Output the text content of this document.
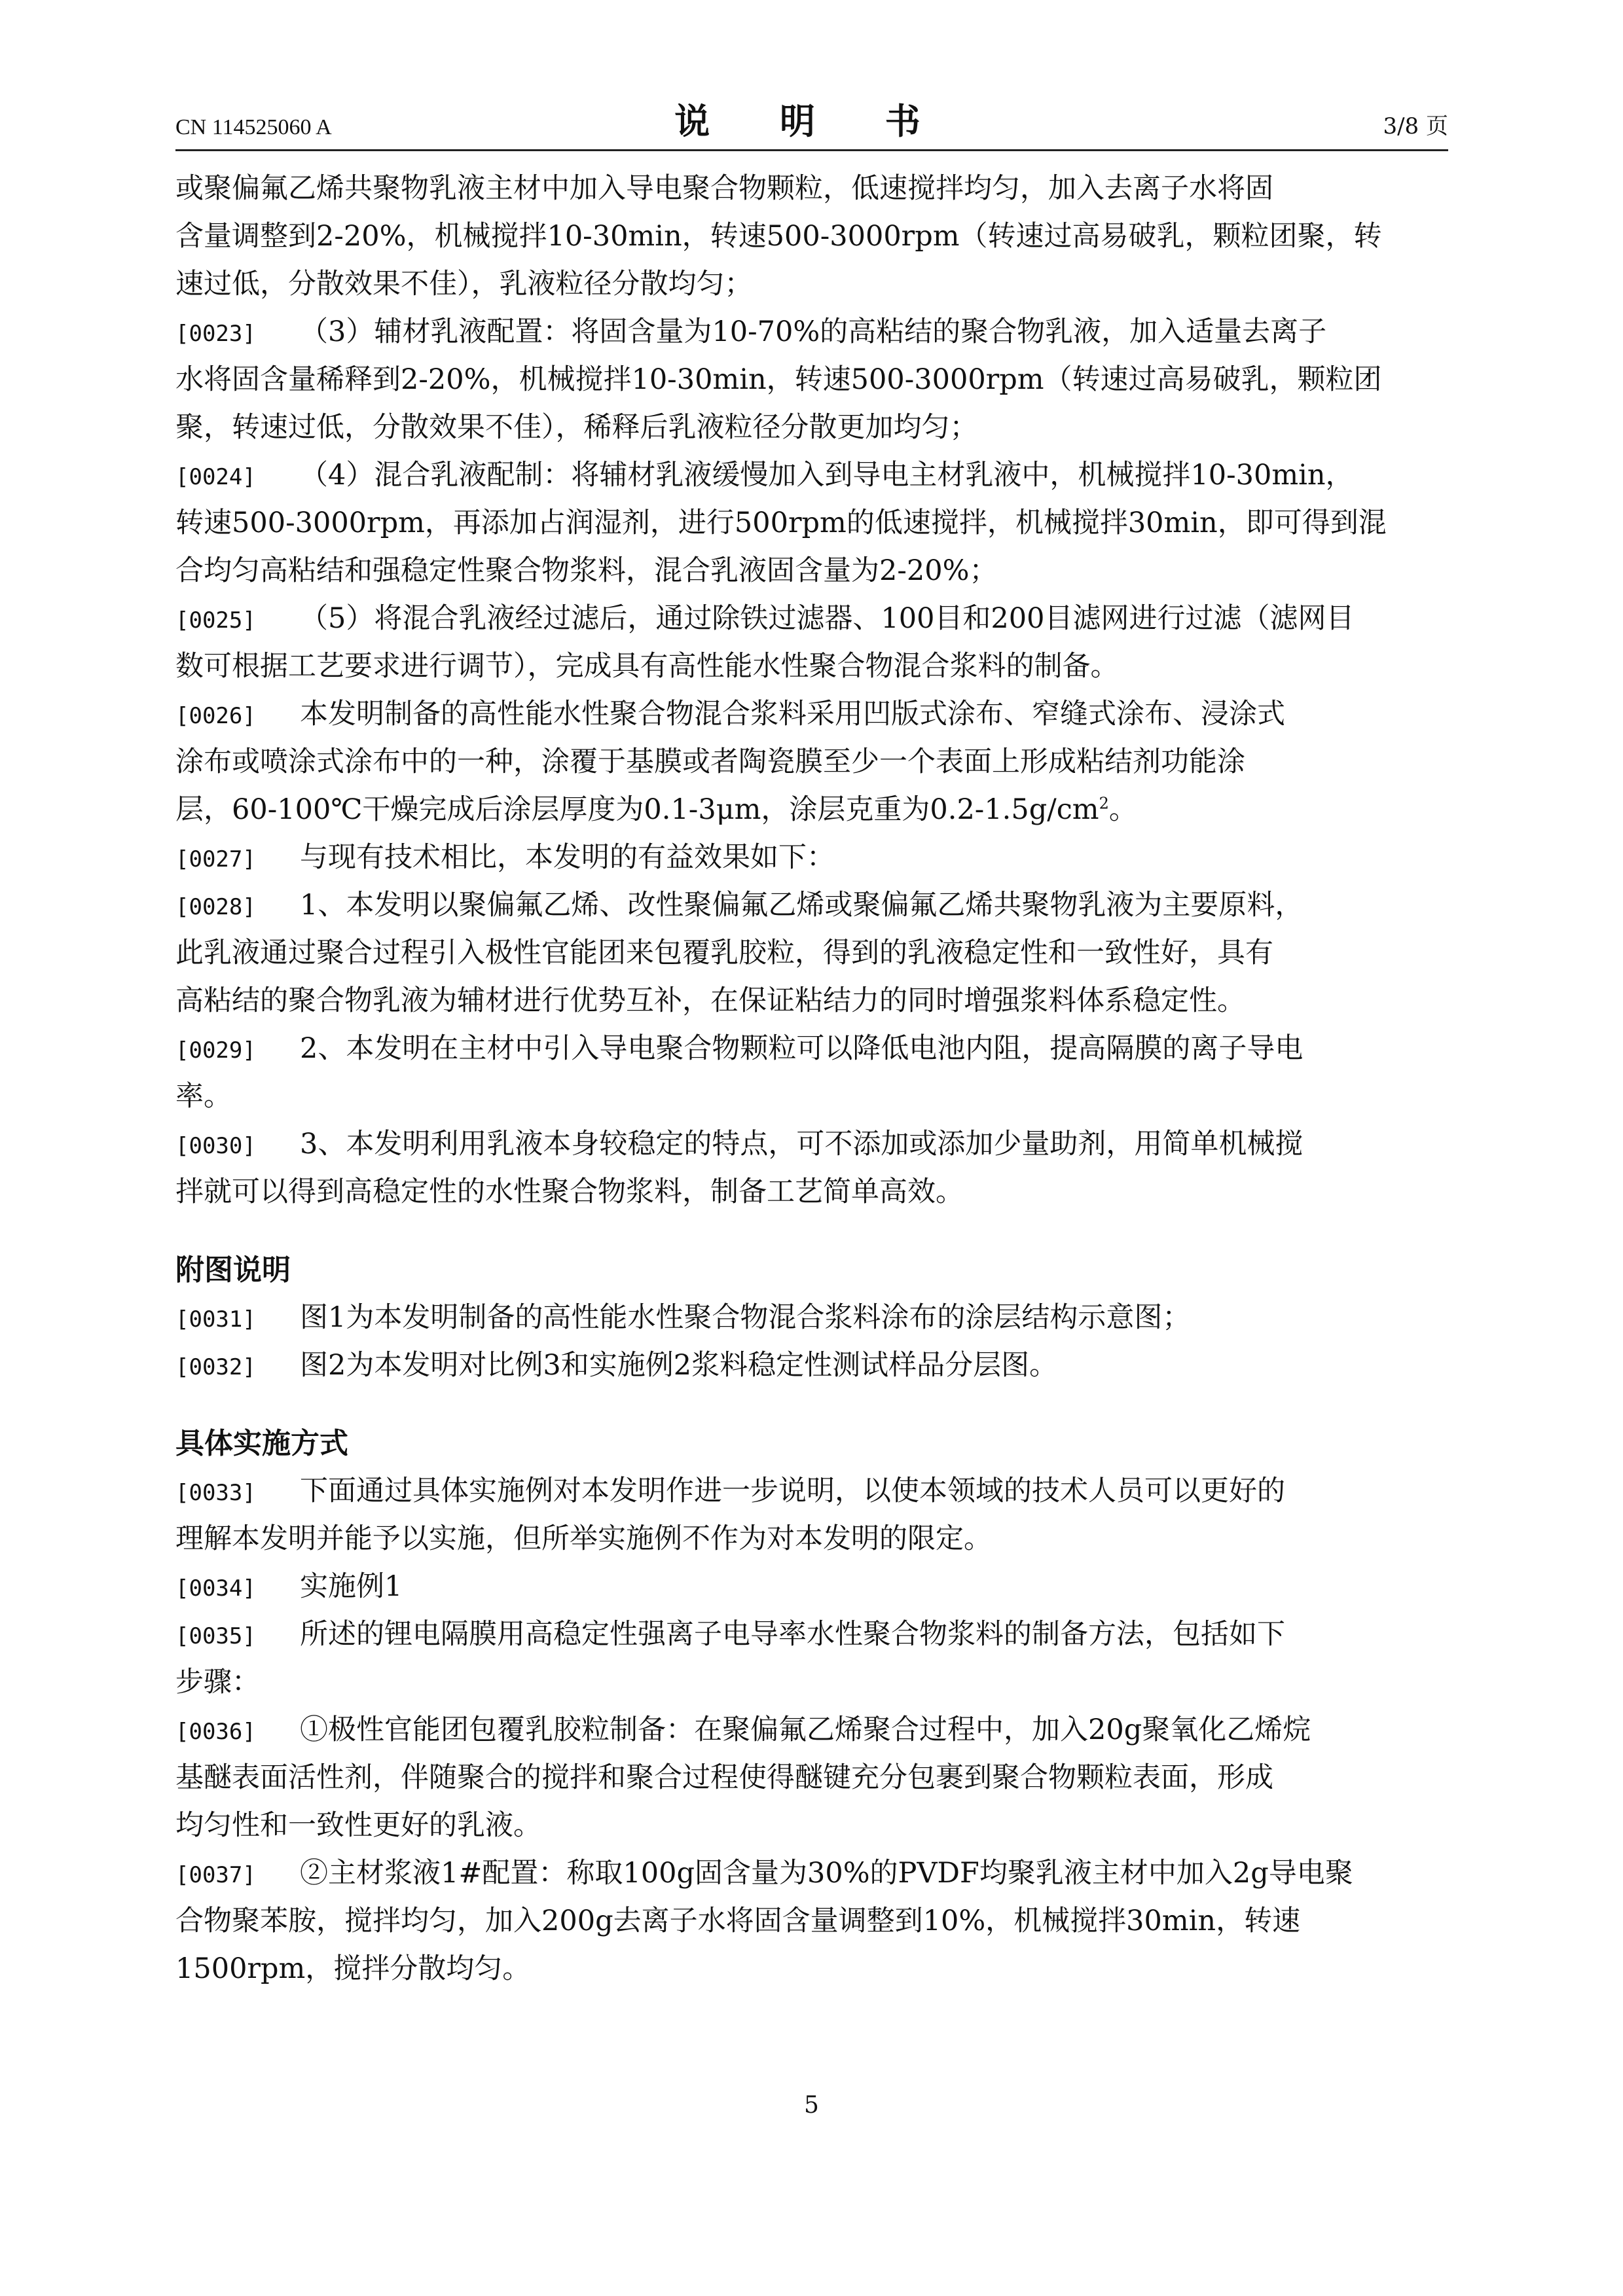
CN 114525060 A	说 明 书	3/8 页
或聚偏氟乙烯共聚物乳液主材中加入导电聚合物颗粒，低速搅拌均匀，加入去离子水将固
含量调整到2-20%，机械搅拌10-30min，转速500-3000rpm（转速过高易破乳，颗粒团聚，转
速过低，分散效果不佳），乳液粒径分散均匀；
[0023] （3）辅材乳液配置：将固含量为10-70%的高粘结的聚合物乳液，加入适量去离子
水将固含量稀释到2-20%，机械搅拌10-30min，转速500-3000rpm（转速过高易破乳，颗粒团
聚，转速过低，分散效果不佳），稀释后乳液粒径分散更加均匀；
[0024] （4）混合乳液配制：将辅材乳液缓慢加入到导电主材乳液中，机械搅拌10-30min，
转速500-3000rpm，再添加占润湿剂，进行500rpm的低速搅拌，机械搅拌30min，即可得到混
合均匀高粘结和强稳定性聚合物浆料，混合乳液固含量为2-20%；
[0025] （5）将混合乳液经过滤后，通过除铁过滤器、100目和200目滤网进行过滤（滤网目
数可根据工艺要求进行调节），完成具有高性能水性聚合物混合浆料的制备。
[0026] 本发明制备的高性能水性聚合物混合浆料采用凹版式涂布、窄缝式涂布、浸涂式
涂布或喷涂式涂布中的一种，涂覆于基膜或者陶瓷膜至少一个表面上形成粘结剂功能涂
层，60-100℃干燥完成后涂层厚度为0.1-3μm，涂层克重为$0.2-1.5g/cm^2$。
[0027] 与现有技术相比，本发明的有益效果如下：
[0028] 1、本发明以聚偏氟乙烯、改性聚偏氟乙烯或聚偏氟乙烯共聚物乳液为主要原料，
此乳液通过聚合过程引入极性官能团来包覆乳胶粒，得到的乳液稳定性和一致性好，具有
高粘结的聚合物乳液为辅材进行优势互补，在保证粘结力的同时增强浆料体系稳定性。
[0029] 2、本发明在主材中引入导电聚合物颗粒可以降低电池内阻，提高隔膜的离子导电
率。
[0030] 3、本发明利用乳液本身较稳定的特点，可不添加或添加少量助剂，用简单机械搅
拌就可以得到高稳定性的水性聚合物浆料，制备工艺简单高效。
附图说明
[0031] 图1为本发明制备的高性能水性聚合物混合浆料涂布的涂层结构示意图；
[0032] 图2为本发明对比例3和实施例2浆料稳定性测试样品分层图。
具体实施方式
[0033] 下面通过具体实施例对本发明作进一步说明，以使本领域的技术人员可以更好的
理解本发明并能予以实施，但所举实施例不作为对本发明的限定。
[0034] 实施例1
[0035] 所述的锂电隔膜用高稳定性强离子电导率水性聚合物浆料的制备方法，包括如下
步骤：
[0036] ①极性官能团包覆乳胶粒制备：在聚偏氟乙烯聚合过程中，加入20g聚氧化乙烯烷
基醚表面活性剂，伴随聚合的搅拌和聚合过程使得醚键充分包裹到聚合物颗粒表面，形成
均匀性和一致性更好的乳液。
[0037] ②主材浆液1#配置：称取100g固含量为30%的PVDF均聚乳液主材中加入2g导电聚
合物聚苯胺，搅拌均匀，加入200g去离子水将固含量调整到10%，机械搅拌30min，转速
1500rpm，搅拌分散均匀。
5
